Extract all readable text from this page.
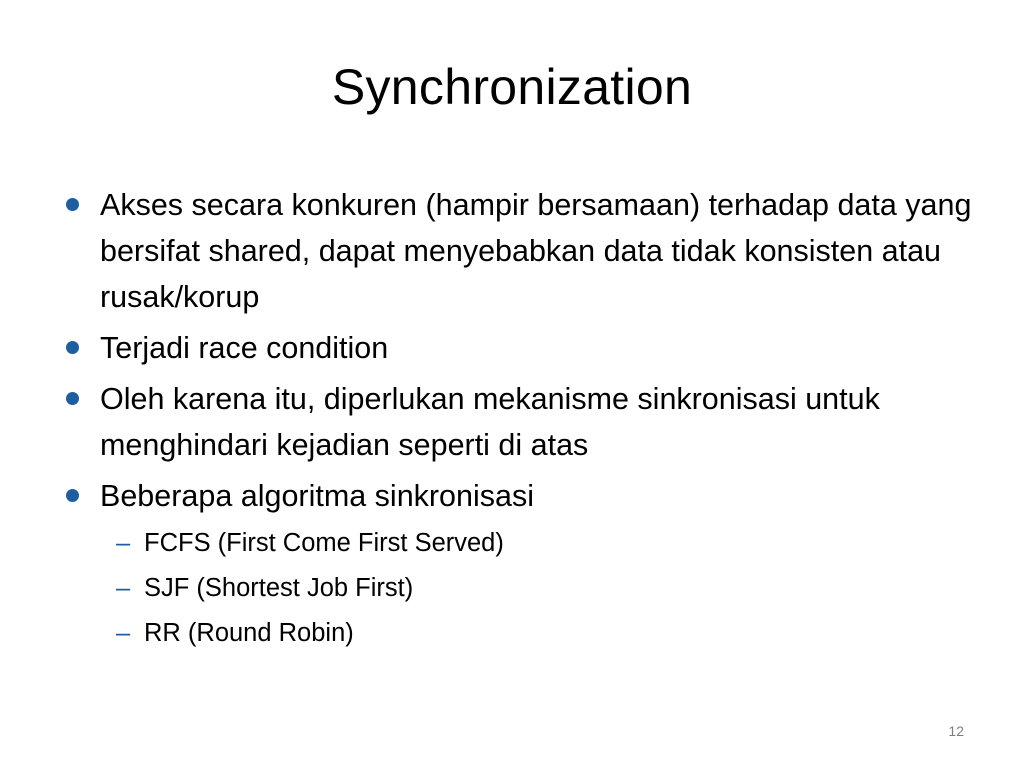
Synchronization
Akses secara konkuren (hampir bersamaan) terhadap data yang bersifat shared, dapat menyebabkan data tidak konsisten atau rusak/korup
Terjadi race condition
Oleh karena itu, diperlukan mekanisme sinkronisasi untuk menghindari kejadian seperti di atas
Beberapa algoritma sinkronisasi
– FCFS (First Come First Served)
– SJF (Shortest Job First)
– RR (Round Robin)
12
